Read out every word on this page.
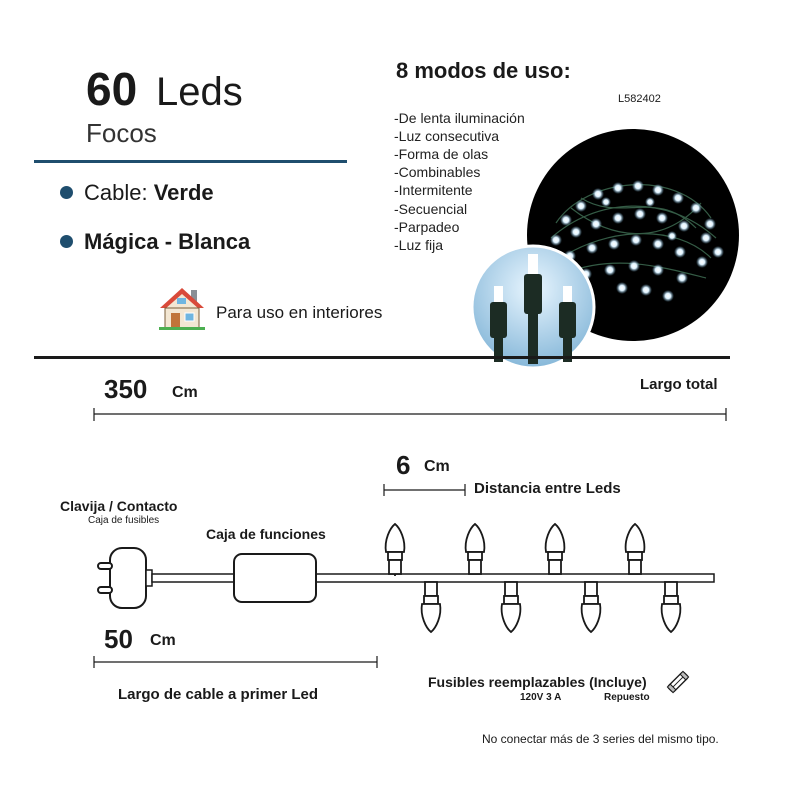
60 Leds
Focos
Cable: Verde
Mágica - Blanca
Para uso en interiores
8 modos de uso:
L582402
-De lenta iluminación
-Luz consecutiva
-Forma de olas
-Combinables
-Intermitente
-Secuencial
-Parpadeo
-Luz fija
350 Cm	Largo total
6 Cm
Distancia entre Leds
Clavija / Contacto
Caja de fusibles
Caja de funciones
50 Cm
Largo de cable a primer Led
Fusibles reemplazables (Incluye)
120V 3 A	Repuesto
No conectar más de 3 series del mismo tipo.
